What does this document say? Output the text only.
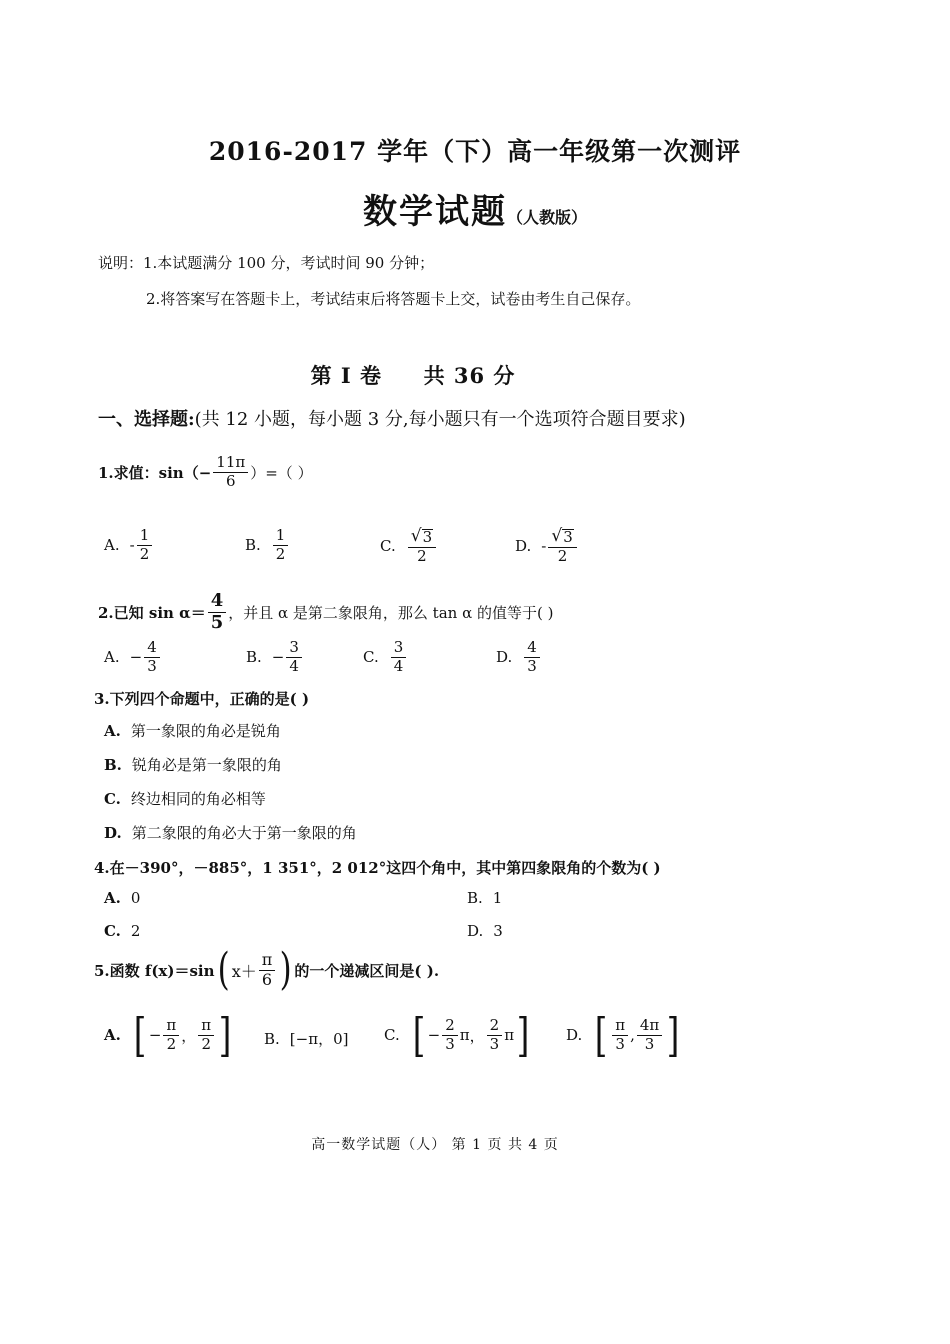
2016-2017 学年（下）高一年级第一次测评
数学试题（人教版）
说明：1.本试题满分 100 分，考试时间 90 分钟；
2.将答案写在答题卡上，考试结束后将答题卡上交，试卷由考生自己保存。
第 I 卷 共 36 分
一、选择题:(共 12 小题，每小题 3 分,每小题只有一个选项符合题目要求)
1.求值：$\sin(- \frac{11\pi}{6}$ ）=（ ）
A. - $\frac{1}{2}$	B. $\frac{1}{2}$	C. $\frac{√ 3}{2}$	D. - $\frac{√ 3}{2}$
2.已知 $\sin \alpha= \frac{4}{5}$ ，并且 α 是第二象限角，那么 tan α 的值等于( )
A. − $\frac{4}{3}$	B. − $\frac{3}{4}$	C. $\frac{3}{4}$	D. $\frac{4}{3}$
3.下列四个命题中，正确的是( )
A. 第一象限的角必是锐角
B. 锐角必是第一象限的角
C. 终边相同的角必相等
D. 第二象限的角必大于第一象限的角
4.在－390°，－885°，1 351°，2 012°这四个角中，其中第四象限角的个数为( )
A. 0	B. 1
C. 2	D. 3
5.函数 f(x)＝sin ( $x+ \frac{\pi}{6}$ ) 的一个递减区间是( ).
A. [ − $\frac{\pi}{2}$ ， $\frac{\pi}{2}$ ] B. [−π，0] C. [ − $\frac{2}{3}$ π ， $\frac{2}{3}$ π ] D. [ $\frac{\pi}{3}$ , $\frac{4\pi}{3}$ ]
高一数学试题（人） 第 1 页 共 4 页
